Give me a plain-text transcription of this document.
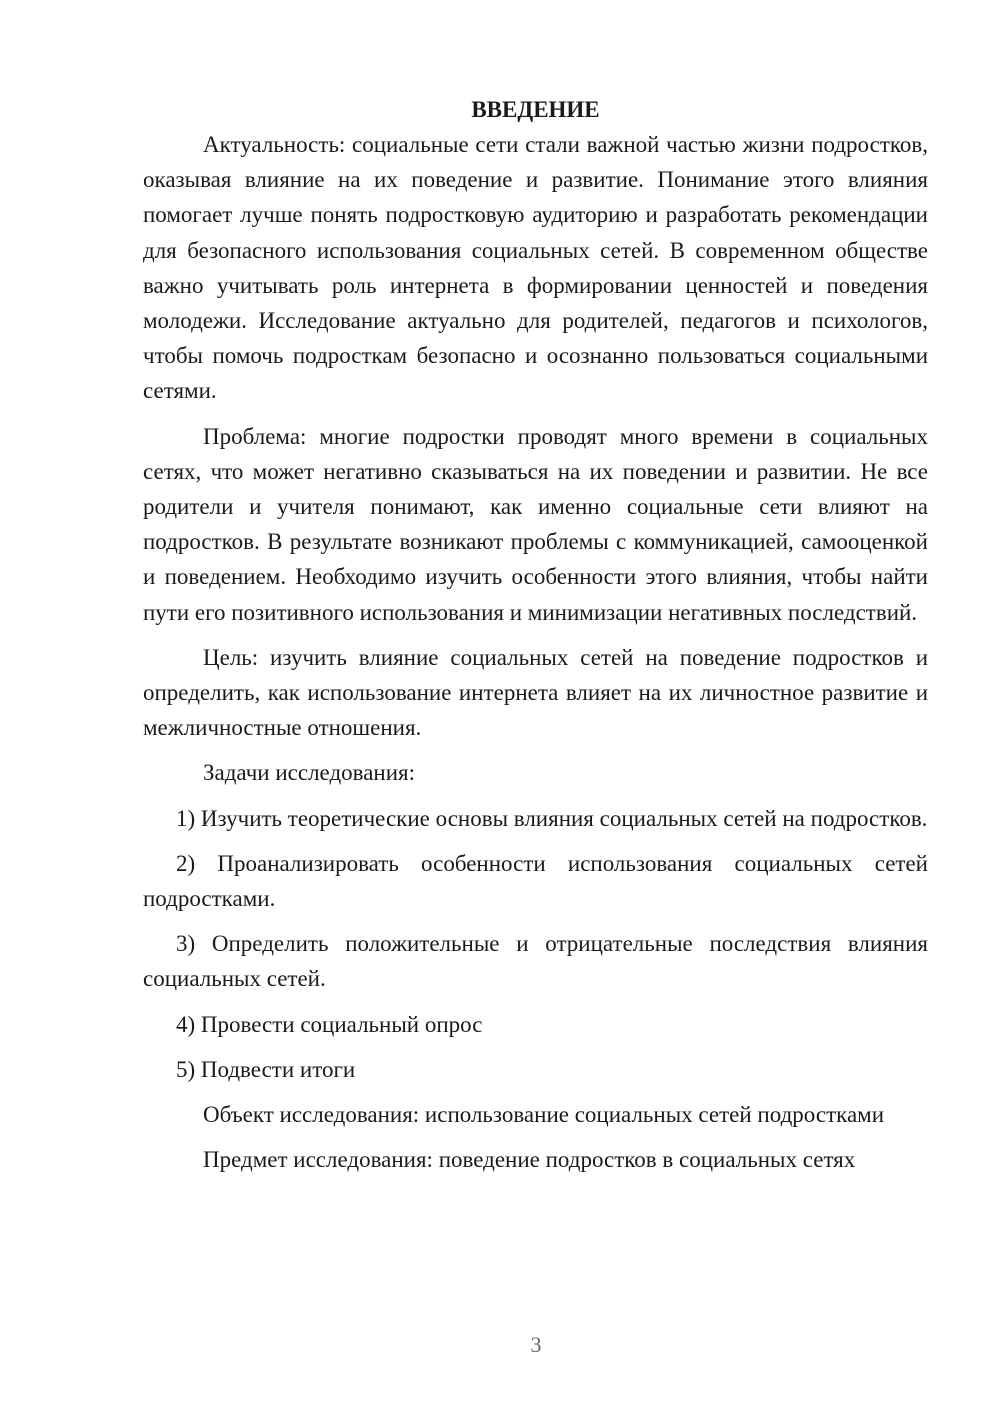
ВВЕДЕНИЕ

Актуальность: социальные сети стали важной частью жизни подростков, оказывая влияние на их поведение и развитие. Понимание этого влияния помогает лучше понять подростковую аудиторию и разработать рекомендации для безопасного использования социальных сетей. В современном обществе важно учитывать роль интернета в формировании ценностей и поведения молодежи. Исследование актуально для родителей, педагогов и психологов, чтобы помочь подросткам безопасно и осознанно пользоваться социальными сетями.

Проблема: многие подростки проводят много времени в социальных сетях, что может негативно сказываться на их поведении и развитии. Не все родители и учителя понимают, как именно социальные сети влияют на подростков. В результате возникают проблемы с коммуникацией, самооценкой и поведением. Необходимо изучить особенности этого влияния, чтобы найти пути его позитивного использования и минимизации негативных последствий.

Цель: изучить влияние социальных сетей на поведение подростков и определить, как использование интернета влияет на их личностное развитие и межличностные отношения.

Задачи исследования:

1) Изучить теоретические основы влияния социальных сетей на подростков.

2) Проанализировать особенности использования социальных сетей подростками.

3) Определить положительные и отрицательные последствия влияния социальных сетей.

4) Провести социальный опрос

5) Подвести итоги

Объект исследования: использование социальных сетей подростками

Предмет исследования: поведение подростков в социальных сетях

3
